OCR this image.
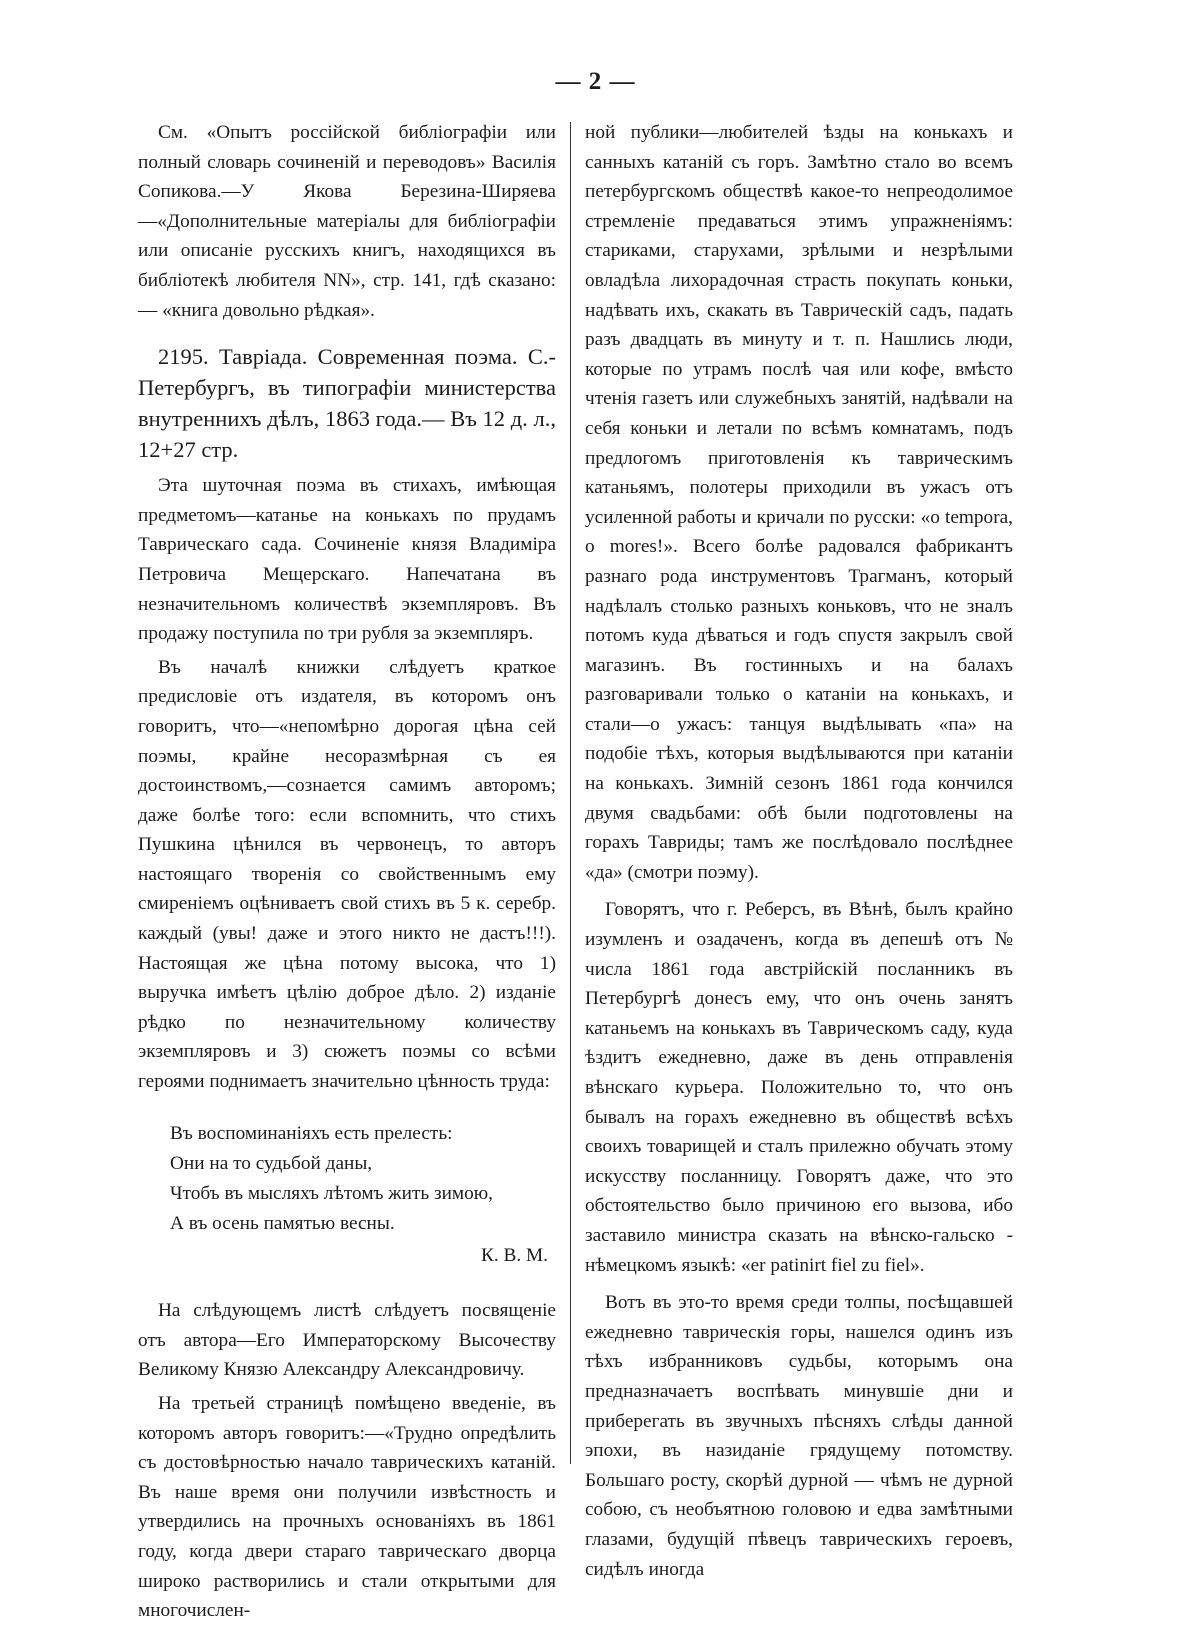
— 2 —

См. «Опытъ россійской библіографіи или полный словарь сочиненій и переводовъ» Василія Сопикова.—У Якова Березина-Ширяева—«Дополнительные матеріалы для библіографіи или описаніе русскихъ книгъ, находящихся въ библіотекѣ любителя NN», стр. 141, гдѣ сказано: — «книга довольно рѣдкая».

2195. Тавріада. Современная поэма. С.-Петербургъ, въ типографіи министерства внутреннихъ дѣлъ, 1863 года.— Въ 12 д. л., 12+27 стр.

Эта шуточная поэма въ стихахъ, имѣющая предметомъ—катанье на конькахъ по прудамъ Таврическаго сада. Сочиненіе князя Владиміра Петровича Мещерскаго. Напечатана въ незначительномъ количествѣ экземпляровъ. Въ продажу поступила по три рубля за экземпляръ.

Въ началѣ книжки слѣдуетъ краткое предисловіе отъ издателя, въ которомъ онъ говоритъ, что—«непомѣрно дорогая цѣна сей поэмы, крайне несоразмѣрная съ ея достоинствомъ,—сознается самимъ авторомъ; даже болѣе того: если вспомнить, что стихъ Пушкина цѣнился въ червонецъ, то авторъ настоящаго творенія со свойственнымъ ему смиреніемъ оцѣниваетъ свой стихъ въ 5 к. серебр. каждый (увы! даже и этого никто не дастъ!!!). Настоящая же цѣна потому высока, что 1) выручка имѣетъ цѣлію доброе дѣло. 2) изданіе рѣдко по незначительному количеству экземпляровъ и 3) сюжетъ поэмы со всѣми героями поднимаетъ значительно цѣнность труда:

Въ воспоминаніяхъ есть прелесть:
Они на то судьбой даны,
Чтобъ въ мысляхъ лѣтомъ жить зимою,
А въ осень памятью весны.

К. В. М.

На слѣдующемъ листѣ слѣдуетъ посвященіе отъ автора—Его Императорскому Высочеству Великому Князю Александру Александровичу.

На третьей страницѣ помѣщено введеніе, въ которомъ авторъ говоритъ:—«Трудно опредѣлить съ достовѣрностью начало таврическихъ катаній. Въ наше время они получили извѣстность и утвердились на прочныхъ основаніяхъ въ 1861 году, когда двери стараго таврическаго дворца широко растворились и стали открытыми для многочислен-

ной публики—любителей ѣзды на конькахъ и санныхъ катаній съ горъ. Замѣтно стало во всемъ петербургскомъ обществѣ какое-то непреодолимое стремленіе предаваться этимъ упражненіямъ: стариками, старухами, зрѣлыми и незрѣлыми овладѣла лихорадочная страсть покупать коньки, надѣвать ихъ, скакать въ Таврическій садъ, падать разъ двадцать въ минуту и т. п. Нашлись люди, которые по утрамъ послѣ чая или кофе, вмѣсто чтенія газетъ или служебныхъ занятій, надѣвали на себя коньки и летали по всѣмъ комнатамъ, подъ предлогомъ приготовленія къ таврическимъ катаньямъ, полотеры приходили въ ужасъ отъ усиленной работы и кричали по русски: «о tempora, o mores!». Всего болѣе радовался фабрикантъ разнаго рода инструментовъ Трагманъ, который надѣлалъ столько разныхъ коньковъ, что не зналъ потомъ куда дѣваться и годъ спустя закрылъ свой магазинъ. Въ гостинныхъ и на балахъ разговаривали только о катаніи на конькахъ, и стали—о ужасъ: танцуя выдѣлывать «па» на подобіе тѣхъ, которыя выдѣлываются при катаніи на конькахъ. Зимній сезонъ 1861 года кончился двумя свадьбами: обѣ были подготовлены на горахъ Тавриды; тамъ же послѣдовало послѣднее «да» (смотри поэму).

Говорятъ, что г. Реберсъ, въ Вѣнѣ, былъ крайно изумленъ и озадаченъ, когда въ депешѣ отъ № числа 1861 года австрійскій посланникъ въ Петербургѣ донесъ ему, что онъ очень занятъ катаньемъ на конькахъ въ Таврическомъ саду, куда ѣздитъ ежедневно, даже въ день отправленія вѣнскаго курьера. Положительно то, что онъ бывалъ на горахъ ежедневно въ обществѣ всѣхъ своихъ товарищей и сталъ прилежно обучать этому искусству посланницу. Говорятъ даже, что это обстоятельство было причиною его вызова, ибо заставило министра сказать на вѣнско-гальско - нѣмецкомъ языкѣ: «er patinirt fiel zu fiel».

Вотъ въ это-то время среди толпы, посѣщавшей ежедневно таврическія горы, нашелся одинъ изъ тѣхъ избранниковъ судьбы, которымъ она предназначаетъ воспѣвать минувшіе дни и приберегать въ звучныхъ пѣсняхъ слѣды данной эпохи, въ назиданіе грядущему потомству. Большаго росту, скорѣй дурной — чѣмъ не дурной собою, съ необъятною головою и едва замѣтными глазами, будущій пѣвецъ таврическихъ героевъ, сидѣлъ иногда
